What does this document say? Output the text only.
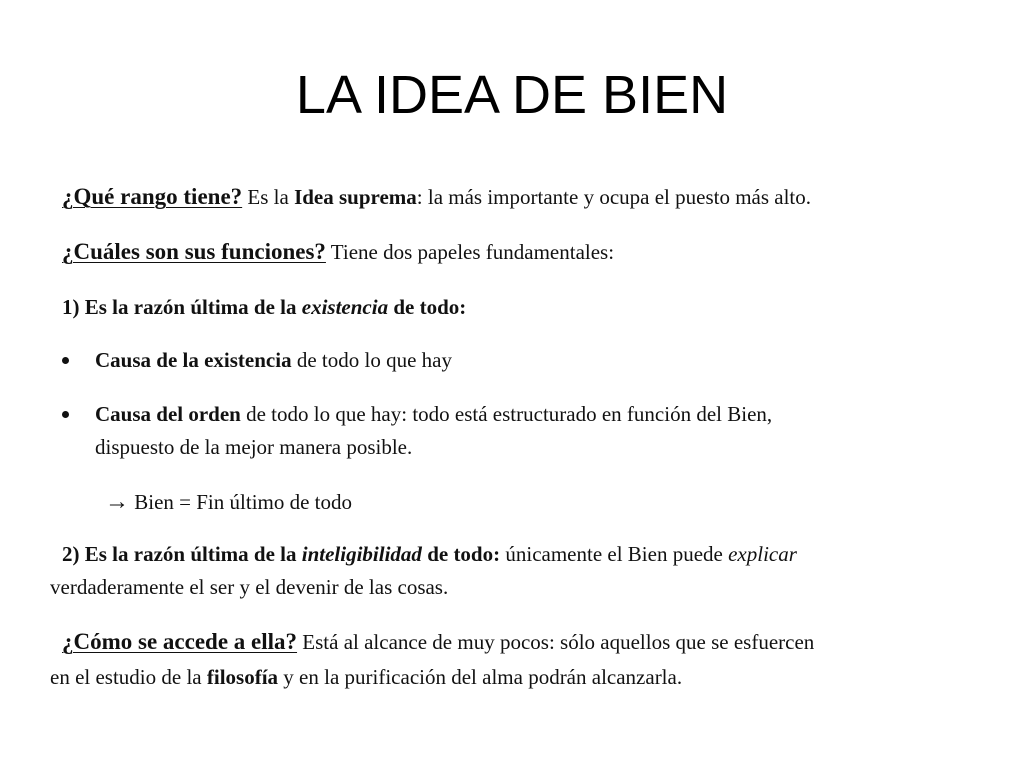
LA IDEA DE BIEN

¿Qué rango tiene? Es la Idea suprema: la más importante y ocupa el puesto más alto.

¿Cuáles son sus funciones? Tiene dos papeles fundamentales:

1) Es la razón última de la existencia de todo:

Causa de la existencia de todo lo que hay

Causa del orden de todo lo que hay: todo está estructurado en función del Bien,

dispuesto de la mejor manera posible.

→ Bien = Fin último de todo

2) Es la razón última de la inteligibilidad de todo: únicamente el Bien puede explicar

verdaderamente el ser y el devenir de las cosas.

¿Cómo se accede a ella? Está al alcance de muy pocos: sólo aquellos que se esfuercen

en el estudio de la filosofía y en la purificación del alma podrán alcanzarla.
